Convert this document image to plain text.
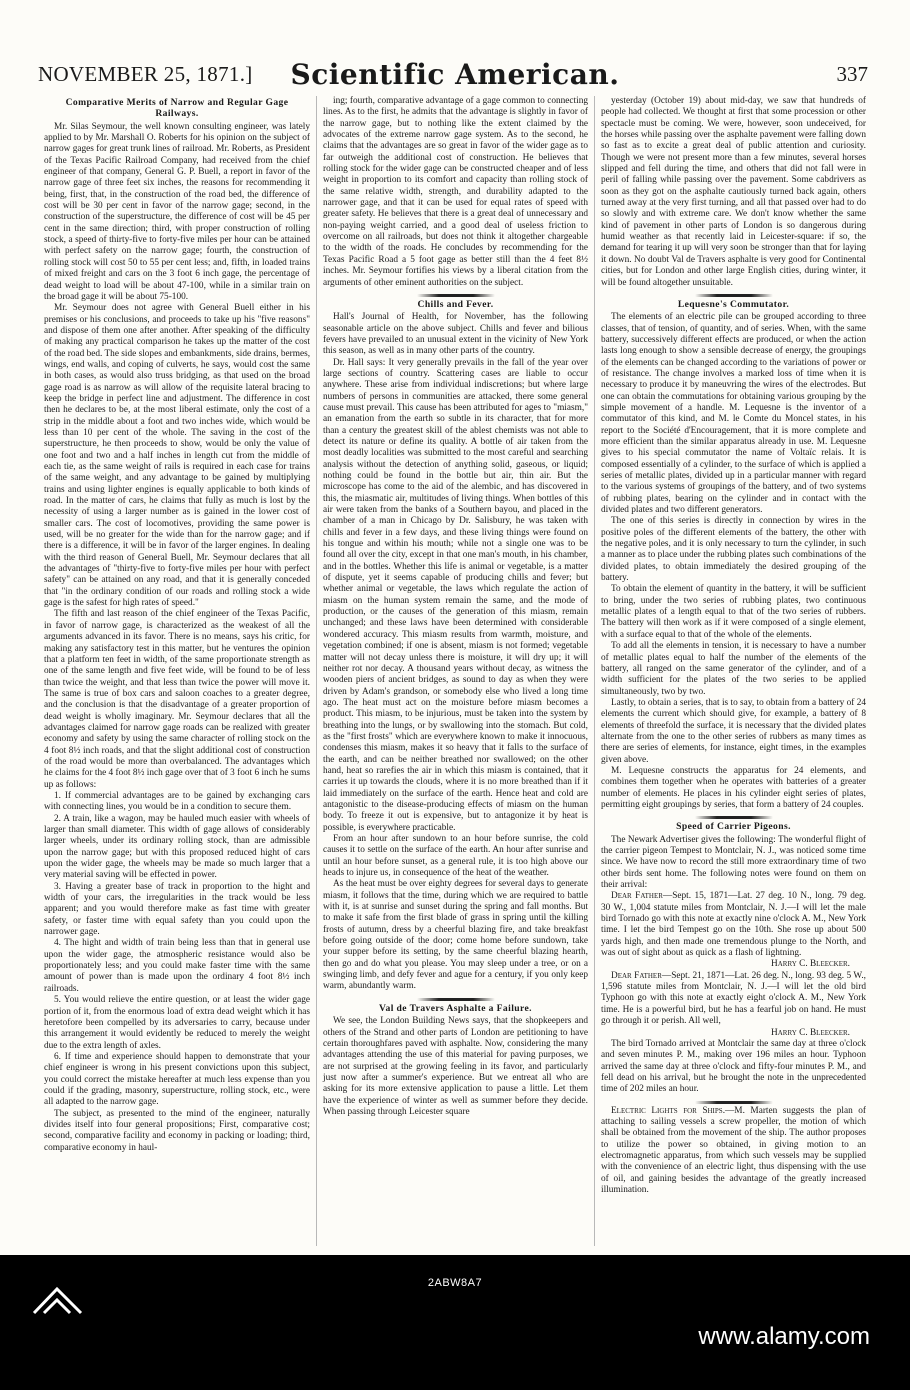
NOVEMBER 25, 1871.]	Scientific American.	337
Comparative Merits of Narrow and Regular Gage Railways.

Mr. Silas Seymour, the well known consulting engineer, was lately applied to by Mr. Marshall O. Roberts for his opinion on the subject of narrow gages for great trunk lines of railroad. Mr. Roberts, as President of the Texas Pacific Railroad Company, had received from the chief engineer of that company, General G. P. Buell, a report in favor of the narrow gage of three feet six inches, the reasons for recommending it being, first, that, in the construction of the road bed, the difference of cost will be 30 per cent in favor of the narrow gage; second, in the construction of the superstructure, the difference of cost will be 45 per cent in the same direction; third, with proper construction of rolling stock, a speed of thirty-five to forty-five miles per hour can be attained with perfect safety on the narrow gage; fourth, the construction of rolling stock will cost 50 to 55 per cent less; and, fifth, in loaded trains of mixed freight and cars on the 3 foot 6 inch gage, the percentage of dead weight to load will be about 47-100, while in a similar train on the broad gage it will be about 75-100.

Mr. Seymour does not agree with General Buell either in his premises or his conclusions, and proceeds to take up his "five reasons" and dispose of them one after another. After speaking of the difficulty of making any practical comparison he takes up the matter of the cost of the road bed. The side slopes and embankments, side drains, bermes, wings, end walls, and coping of culverts, he says, would cost the same in both cases, as would also truss bridging, as that used on the broad gage road is as narrow as will allow of the requisite lateral bracing to keep the bridge in perfect line and adjustment. The difference in cost then he declares to be, at the most liberal estimate, only the cost of a strip in the middle about a foot and two inches wide, which would be less than 10 per cent of the whole. The saving in the cost of the superstructure, he then proceeds to show, would be only the value of one foot and two and a half inches in length cut from the middle of each tie, as the same weight of rails is required in each case for trains of the same weight, and any advantage to be gained by multiplying trains and using lighter engines is equally applicable to both kinds of road. In the matter of cars, he claims that fully as much is lost by the necessity of using a larger number as is gained in the lower cost of smaller cars. The cost of locomotives, providing the same power is used, will be no greater for the wide than for the narrow gage; and if there is a difference, it will be in favor of the larger engines. In dealing with the third reason of General Buell, Mr. Seymour declares that all the advantages of "thirty-five to forty-five miles per hour with perfect safety" can be attained on any road, and that it is generally conceded that "in the ordinary condition of our roads and rolling stock a wide gage is the safest for high rates of speed."

The fifth and last reason of the chief engineer of the Texas Pacific, in favor of narrow gage, is characterized as the weakest of all the arguments advanced in its favor. There is no means, says his critic, for making any satisfactory test in this matter, but he ventures the opinion that a platform ten feet in width, of the same proportionate strength as one of the same length and five feet wide, will be found to be of less than twice the weight, and that less than twice the power will move it. The same is true of box cars and saloon coaches to a greater degree, and the conclusion is that the disadvantage of a greater proportion of dead weight is wholly imaginary. Mr. Seymour declares that all the advantages claimed for narrow gage roads can be realized with greater economy and safety by using the same character of rolling stock on the 4 foot 8½ inch roads, and that the slight additional cost of construction of the road would be more than overbalanced. The advantages which he claims for the 4 foot 8½ inch gage over that of 3 foot 6 inch he sums up as follows:

1. If commercial advantages are to be gained by exchanging cars with connecting lines, you would be in a condition to secure them.

2. A train, like a wagon, may be hauled much easier with wheels of larger than small diameter. This width of gage allows of considerably larger wheels, under its ordinary rolling stock, than are admissible upon the narrow gage; but with this proposed reduced hight of cars upon the wider gage, the wheels may be made so much larger that a very material saving will be effected in power.

3. Having a greater base of track in proportion to the hight and width of your cars, the irregularities in the track would be less apparent; and you would therefore make as fast time with greater safety, or faster time with equal safety than you could upon the narrower gage.

4. The hight and width of train being less than that in general use upon the wider gage, the atmospheric resistance would also be proportionately less; and you could make faster time with the same amount of power than is made upon the ordinary 4 foot 8½ inch railroads.

5. You would relieve the entire question, or at least the wider gage portion of it, from the enormous load of extra dead weight which it has heretofore been compelled by its adversaries to carry, because under this arrangement it would evidently be reduced to merely the weight due to the extra length of axles.

6. If time and experience should happen to demonstrate that your chief engineer is wrong in his present convictions upon this subject, you could correct the mistake hereafter at much less expense than you could if the grading, masonry, superstructure, rolling stock, etc., were all adapted to the narrow gage.

The subject, as presented to the mind of the engineer, naturally divides itself into four general propositions; First, comparative cost; second, comparative facility and economy in packing or loading; third, comparative economy in haul-

ing; fourth, comparative advantage of a gage common to connecting lines. As to the first, he admits that the advantage is slightly in favor of the narrow gage, but to nothing like the extent claimed by the advocates of the extreme narrow gage system. As to the second, he claims that the advantages are so great in favor of the wider gage as to far outweigh the additional cost of construction. He believes that rolling stock for the wider gage can be constructed cheaper and of less weight in proportion to its comfort and capacity than rolling stock of the same relative width, strength, and durability adapted to the narrower gage, and that it can be used for equal rates of speed with greater safety. He believes that there is a great deal of unnecessary and non-paying weight carried, and a good deal of useless friction to overcome on all railroads, but does not think it altogether chargeable to the width of the roads. He concludes by recommending for the Texas Pacific Road a 5 foot gage as better still than the 4 feet 8½ inches. Mr. Seymour fortifies his views by a liberal citation from the arguments of other eminent authorities on the subject.

Chills and Fever.

Hall's Journal of Health, for November, has the following seasonable article on the above subject. Chills and fever and bilious fevers have prevailed to an unusual extent in the vicinity of New York this season, as well as in many other parts of the country.

Dr. Hall says: It very generally prevails in the fall of the year over large sections of country. Scattering cases are liable to occur anywhere. These arise from individual indiscretions; but where large numbers of persons in communities are attacked, there some general cause must prevail. This cause has been attributed for ages to "miasm," an emanation from the earth so subtle in its character, that for more than a century the greatest skill of the ablest chemists was not able to detect its nature or define its quality. A bottle of air taken from the most deadly localities was submitted to the most careful and searching analysis without the detection of anything solid, gaseous, or liquid; nothing could be found in the bottle but air, thin air. But the microscope has come to the aid of the alembic, and has discovered in this, the miasmatic air, multitudes of living things. When bottles of this air were taken from the banks of a Southern bayou, and placed in the chamber of a man in Chicago by Dr. Salisbury, he was taken with chills and fever in a few days, and these living things were found on his tongue and within his mouth; while not a single one was to be found all over the city, except in that one man's mouth, in his chamber, and in the bottles. Whether this life is animal or vegetable, is a matter of dispute, yet it seems capable of producing chills and fever; but whether animal or vegetable, the laws which regulate the action of miasm on the human system remain the same, and the mode of production, or the causes of the generation of this miasm, remain unchanged; and these laws have been determined with considerable wondered accuracy. This miasm results from warmth, moisture, and vegetation combined; if one is absent, miasm is not formed; vegetable matter will not decay unless there is moisture, it will dry up; it will neither rot nor decay. A thousand years without decay, as witness the wooden piers of ancient bridges, as sound to day as when they were driven by Adam's grandson, or somebody else who lived a long time ago. The heat must act on the moisture before miasm becomes a product. This miasm, to be injurious, must be taken into the system by breathing into the lungs, or by swallowing into the stomach. But cold, as the "first frosts" which are everywhere known to make it innocuous, condenses this miasm, makes it so heavy that it falls to the surface of the earth, and can be neither breathed nor swallowed; on the other hand, heat so rarefies the air in which this miasm is contained, that it carries it up towards the clouds, where it is no more breathed than if it laid immediately on the surface of the earth. Hence heat and cold are antagonistic to the disease-producing effects of miasm on the human body. To freeze it out is expensive, but to antagonize it by heat is possible, is everywhere practicable.

From an hour after sundown to an hour before sunrise, the cold causes it to settle on the surface of the earth. An hour after sunrise and until an hour before sunset, as a general rule, it is too high above our heads to injure us, in consequence of the heat of the weather.

As the heat must be over eighty degrees for several days to generate miasm, it follows that the time, during which we are required to battle with it, is at sunrise and sunset during the spring and fall months. But to make it safe from the first blade of grass in spring until the killing frosts of autumn, dress by a cheerful blazing fire, and take breakfast before going outside of the door; come home before sundown, take your supper before its setting, by the same cheerful blazing hearth, then go and do what you please. You may sleep under a tree, or on a swinging limb, and defy fever and ague for a century, if you only keep warm, abundantly warm.

Val de Travers Asphalte a Failure.

We see, the London Building News says, that the shopkeepers and others of the Strand and other parts of London are petitioning to have certain thoroughfares paved with asphalte. Now, considering the many advantages attending the use of this material for paving purposes, we are not surprised at the growing feeling in its favor, and particularly just now after a summer's experience. But we entreat all who are asking for its more extensive application to pause a little. Let them have the experience of winter as well as summer before they decide. When passing through Leicester square

yesterday (October 19) about mid-day, we saw that hundreds of people had collected. We thought at first that some procession or other spectacle must be coming. We were, however, soon undeceived, for the horses while passing over the asphalte pavement were falling down so fast as to excite a great deal of public attention and curiosity. Though we were not present more than a few minutes, several horses slipped and fell during the time, and others that did not fall were in peril of falling while passing over the pavement. Some cabdrivers as soon as they got on the asphalte cautiously turned back again, others turned away at the very first turning, and all that passed over had to do so slowly and with extreme care. We don't know whether the same kind of pavement in other parts of London is so dangerous during humid weather as that recently laid in Leicester-square: if so, the demand for tearing it up will very soon be stronger than that for laying it down. No doubt Val de Travers asphalte is very good for Continental cities, but for London and other large English cities, during winter, it will be found altogether unsuitable.

Lequesne's Commutator.

The elements of an electric pile can be grouped according to three classes, that of tension, of quantity, and of series. When, with the same battery, successively different effects are produced, or when the action lasts long enough to show a sensible decrease of energy, the groupings of the elements can be changed according to the variations of power or of resistance. The change involves a marked loss of time when it is necessary to produce it by maneuvring the wires of the electrodes. But one can obtain the commutations for obtaining various grouping by the simple movement of a handle. M. Lequesne is the inventor of a commutator of this kind, and M. le Comte du Moncel states, in his report to the Société d'Encouragement, that it is more complete and more efficient than the similar apparatus already in use. M. Lequesne gives to his special commutator the name of Voltaïc relais. It is composed essentially of a cylinder, to the surface of which is applied a series of metallic plates, divided up in a particular manner with regard to the various systems of groupings of the battery, and of two systems of rubbing plates, bearing on the cylinder and in contact with the divided plates and two different generators.

The one of this series is directly in connection by wires in the positive poles of the different elements of the battery, the other with the negative poles, and it is only necessary to turn the cylinder, in such a manner as to place under the rubbing plates such combinations of the divided plates, to obtain immediately the desired grouping of the battery.

To obtain the element of quantity in the battery, it will be sufficient to bring, under the two series of rubbing plates, two continuous metallic plates of a length equal to that of the two series of rubbers. The battery will then work as if it were composed of a single element, with a surface equal to that of the whole of the elements.

To add all the elements in tension, it is necessary to have a number of metallic plates equal to half the number of the elements of the battery, all ranged on the same generator of the cylinder, and of a width sufficient for the plates of the two series to be applied simultaneously, two by two.

Lastly, to obtain a series, that is to say, to obtain from a battery of 24 elements the current which should give, for example, a battery of 8 elements of threefold the surface, it is necessary that the divided plates alternate from the one to the other series of rubbers as many times as there are series of elements, for instance, eight times, in the examples given above.

M. Lequesne constructs the apparatus for 24 elements, and combines them together when he operates with batteries of a greater number of elements. He places in his cylinder eight series of plates, permitting eight groupings by series, that form a battery of 24 couples.

Speed of Carrier Pigeons.

The Newark Advertiser gives the following: The wonderful flight of the carrier pigeon Tempest to Montclair, N. J., was noticed some time since. We have now to record the still more extraordinary time of two other birds sent home. The following notes were found on them on their arrival:

Dear Father—Sept. 15, 1871—Lat. 27 deg. 10 N., long. 79 deg. 30 W., 1,004 statute miles from Montclair, N. J.—I will let the male bird Tornado go with this note at exactly nine o'clock A. M., New York time. I let the bird Tempest go on the 10th. She rose up about 500 yards high, and then made one tremendous plunge to the North, and was out of sight about as quick as a flash of lightning.

Harry C. Bleecker.

Dear Father—Sept. 21, 1871—Lat. 26 deg. N., long. 93 deg. 5 W., 1,596 statute miles from Montclair, N. J.—I will let the old bird Typhoon go with this note at exactly eight o'clock A. M., New York time. He is a powerful bird, but he has a fearful job on hand. He must go through it or perish. All well,

Harry C. Bleecker.

The bird Tornado arrived at Montclair the same day at three o'clock and seven minutes P. M., making over 196 miles an hour. Typhoon arrived the same day at three o'clock and fifty-four minutes P. M., and fell dead on his arrival, but he brought the note in the unprecedented time of 202 miles an hour.

Electric Lights for Ships.—M. Marten suggests the plan of attaching to sailing vessels a screw propeller, the motion of which shall be obtained from the movement of the ship. The author proposes to utilize the power so obtained, in giving motion to an electromagnetic apparatus, from which such vessels may be supplied with the convenience of an electric light, thus dispensing with the use of oil, and gaining besides the advantage of the greatly increased illumination.

2ABW8A7
www.alamy.com
